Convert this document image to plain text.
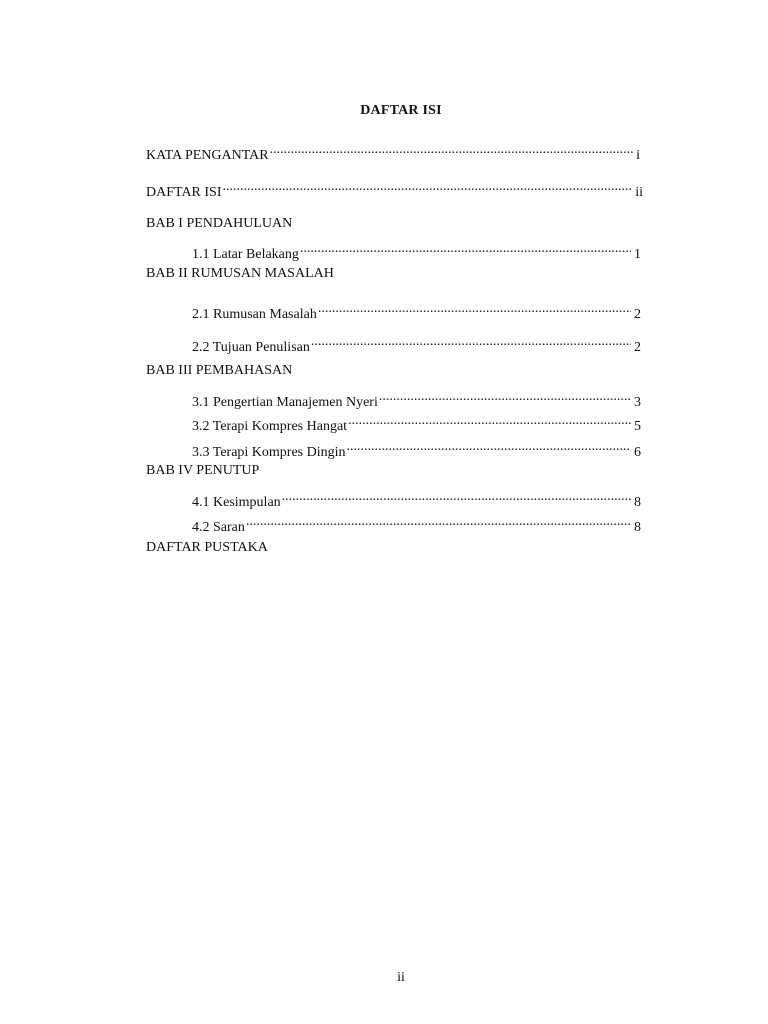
DAFTAR ISI
KATA PENGANTAR .....	i
DAFTAR ISI .....	ii
BAB I PENDAHULUAN
1.1 Latar Belakang .....	1
BAB II RUMUSAN MASALAH
2.1 Rumusan Masalah .....	2
2.2 Tujuan Penulisan .....	2
BAB III PEMBAHASAN
3.1 Pengertian Manajemen Nyeri .....	3
3.2 Terapi Kompres Hangat .....	5
3.3 Terapi Kompres Dingin .....	6
BAB IV PENUTUP
4.1 Kesimpulan .....	8
4.2 Saran .....	8
DAFTAR PUSTAKA
ii
